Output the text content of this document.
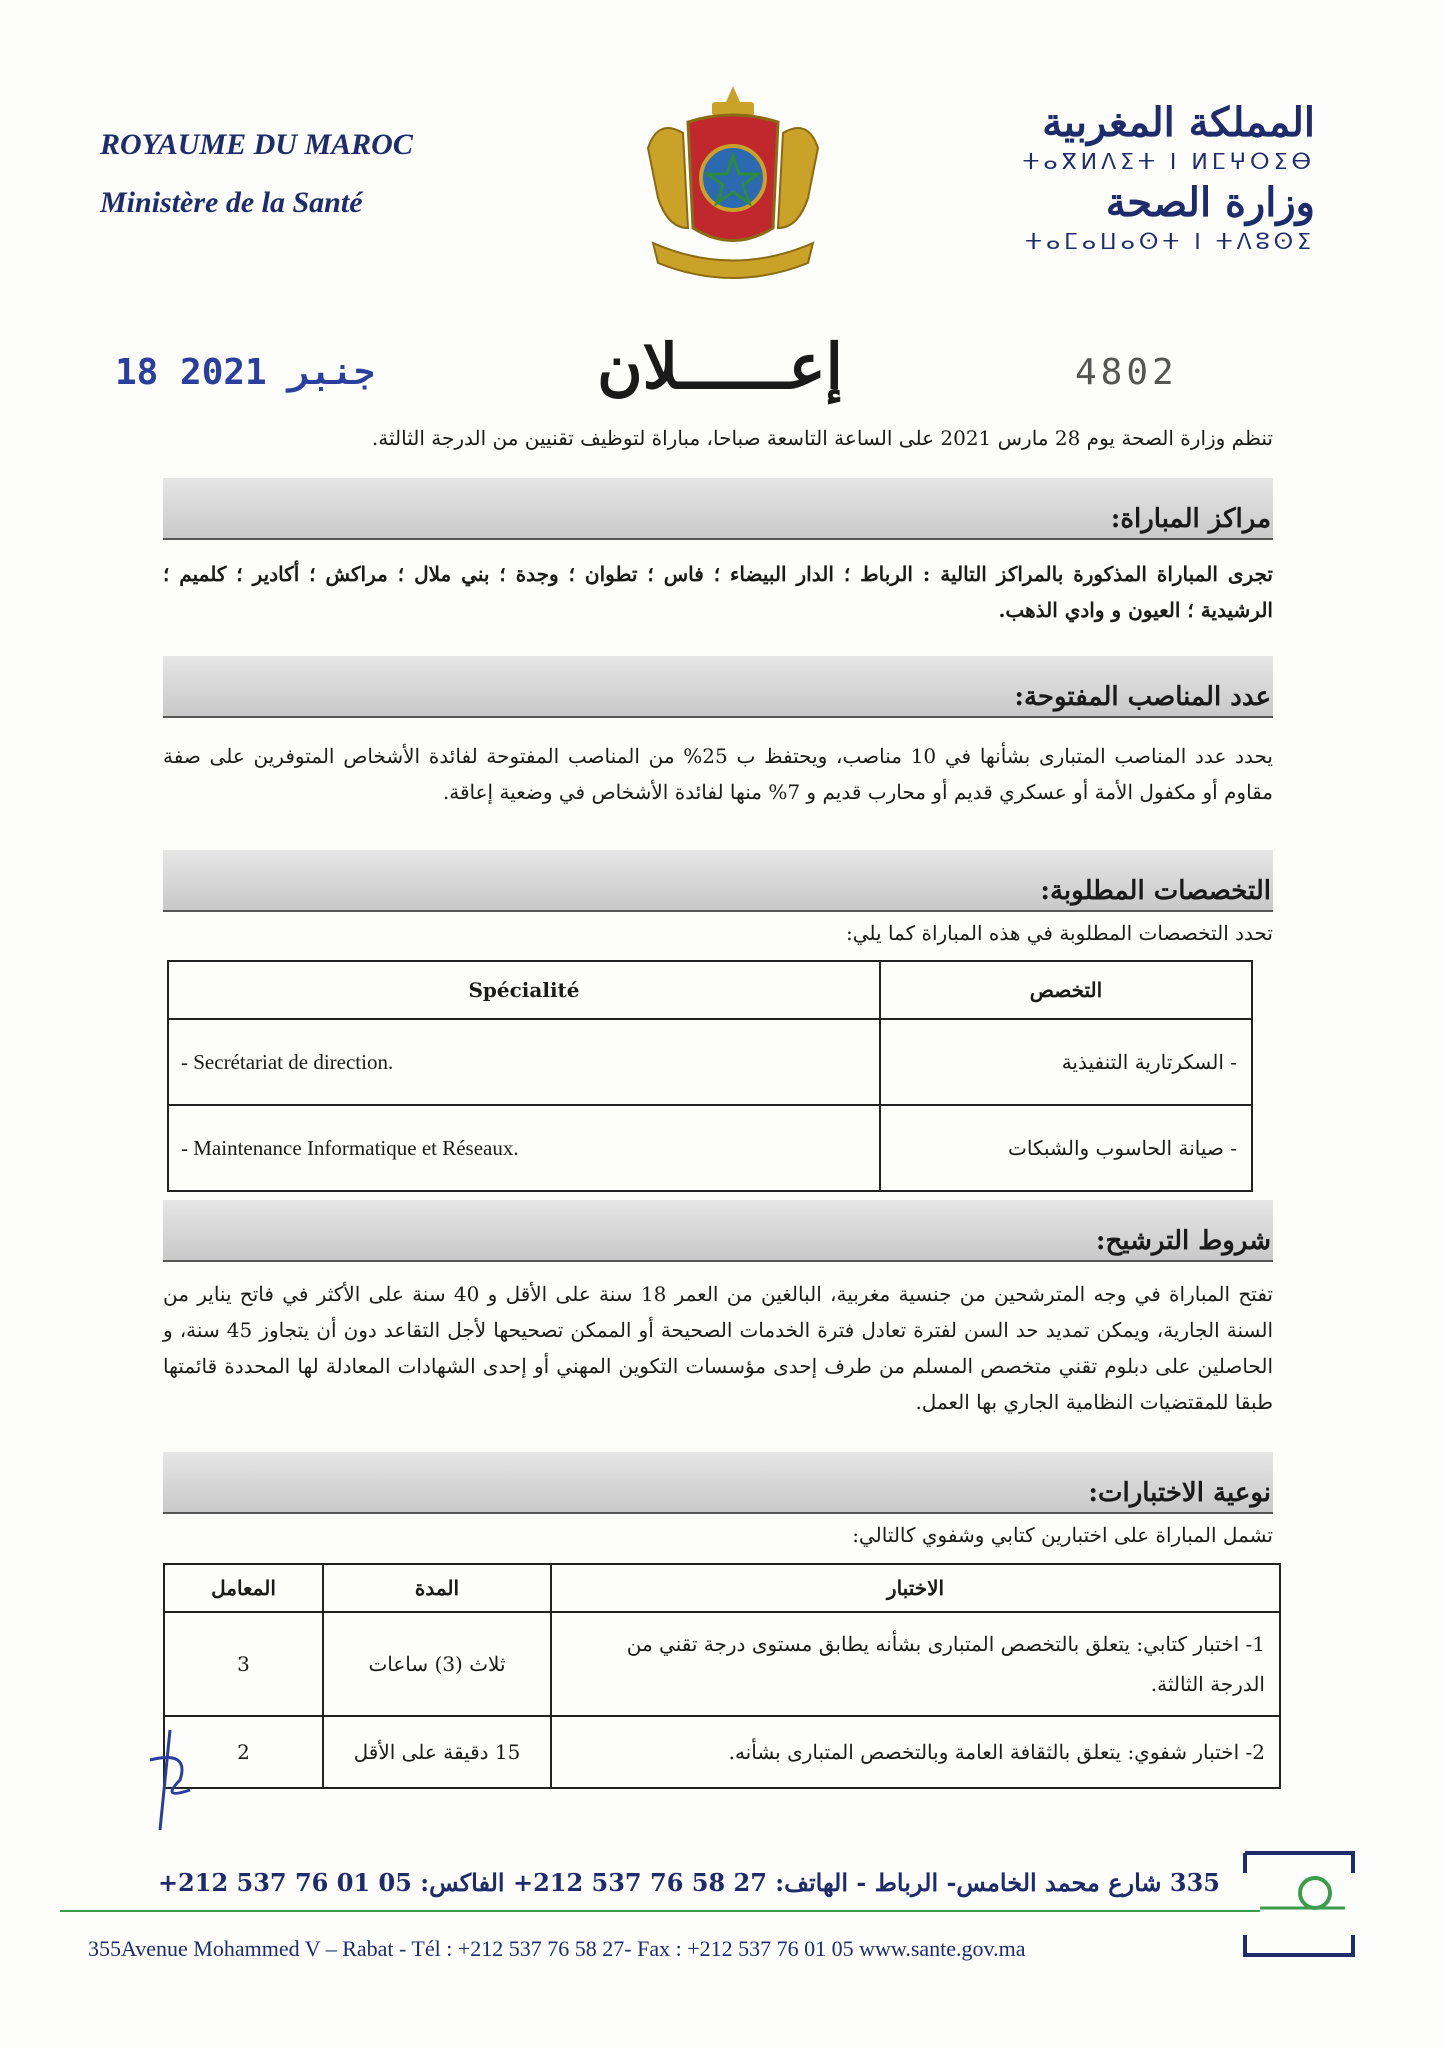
ROYAUME DU MAROC
Ministère de la Santé
المملكة المغربية
ⵜⴰⴳⵍⴷⵉⵜ ⵏ ⵍⵎⵖⵔⵉⴱ
وزارة الصحة
ⵜⴰⵎⴰⵡⴰⵙⵜ ⵏ ⵜⴷⵓⵙⵉ
18 جنبر 2021	إعــــــلان	4802
تنظم وزارة الصحة يوم 28 مارس 2021 على الساعة التاسعة صباحا، مباراة لتوظيف تقنيين من الدرجة الثالثة.
مراكز المباراة:
تجرى المباراة المذكورة بالمراكز التالية : الرباط ؛ الدار البيضاء ؛ فاس ؛ تطوان ؛ وجدة ؛ بني ملال ؛ مراكش ؛ أكادير ؛ كلميم ؛ الرشيدية ؛ العيون و وادي الذهب.
عدد المناصب المفتوحة:
يحدد عدد المناصب المتبارى بشأنها في 10 مناصب، ويحتفظ ب 25% من المناصب المفتوحة لفائدة الأشخاص المتوفرين على صفة مقاوم أو مكفول الأمة أو عسكري قديم أو محارب قديم و 7% منها لفائدة الأشخاص في وضعية إعاقة.
التخصصات المطلوبة:
تحدد التخصصات المطلوبة في هذه المباراة كما يلي:
Spécialité	التخصص
- Secrétariat de direction.	- السكرتارية التنفيذية
- Maintenance Informatique et Réseaux.	- صيانة الحاسوب والشبكات
شروط الترشيح:
تفتح المباراة في وجه المترشحين من جنسية مغربية، البالغين من العمر 18 سنة على الأقل و 40 سنة على الأكثر في فاتح يناير من السنة الجارية، ويمكن تمديد حد السن لفترة تعادل فترة الخدمات الصحيحة أو الممكن تصحيحها لأجل التقاعد دون أن يتجاوز 45 سنة، و الحاصلين على دبلوم تقني متخصص المسلم من طرف إحدى مؤسسات التكوين المهني أو إحدى الشهادات المعادلة لها المحددة قائمتها طبقا للمقتضيات النظامية الجاري بها العمل.
نوعية الاختبارات:
تشمل المباراة على اختبارين كتابي وشفوي كالتالي:
المعامل	المدة	الاختبار
3	ثلاث (3) ساعات	1- اختبار كتابي: يتعلق بالتخصص المتبارى بشأنه يطابق مستوى درجة تقني من الدرجة الثالثة.
2	15 دقيقة على الأقل	2- اختبار شفوي: يتعلق بالثقافة العامة وبالتخصص المتبارى بشأنه.
335 شارع محمد الخامس- الرباط - الهاتف: 27 58 76 537 212+ الفاكس: 05 01 76 537 212+
355Avenue Mohammed V – Rabat - Tél : +212 537 76 58 27- Fax : +212 537 76 01 05 www.sante.gov.ma
